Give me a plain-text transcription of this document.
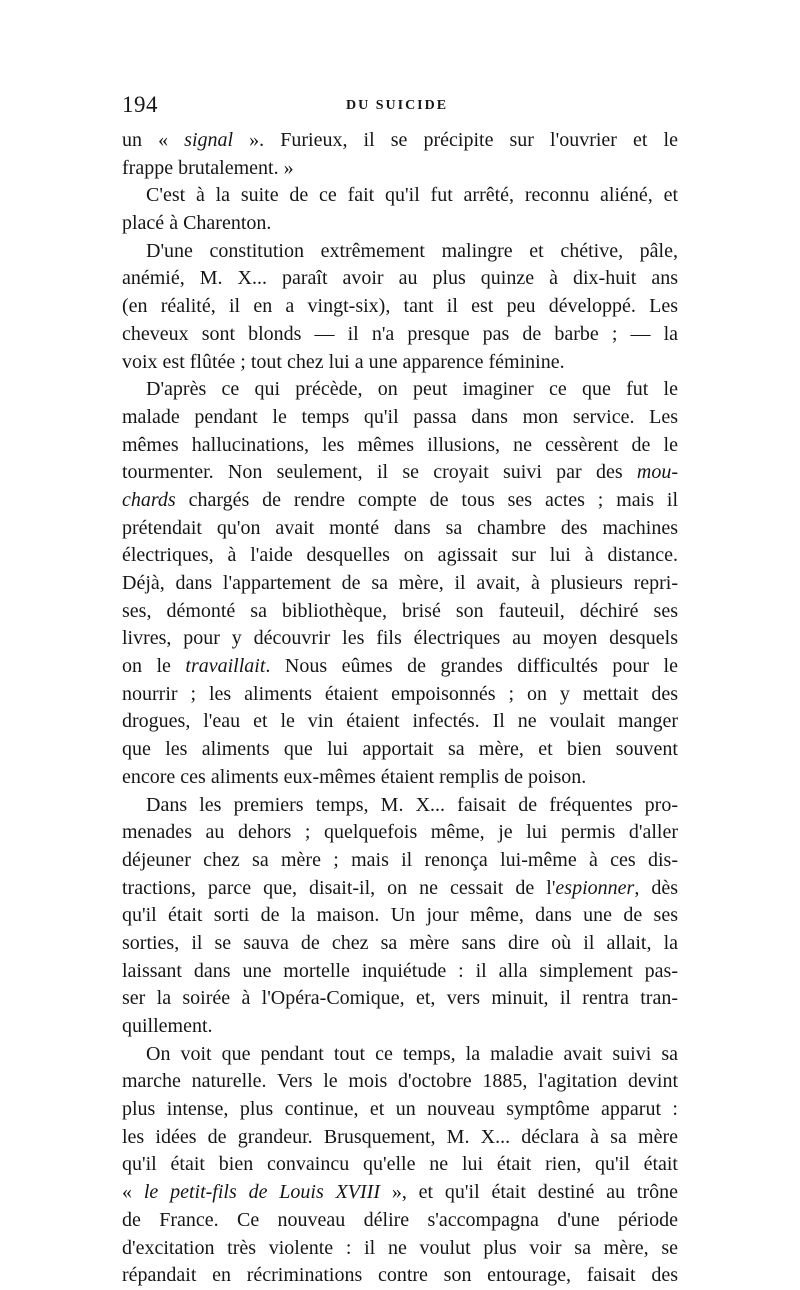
194	DU SUICIDE
un « signal ». Furieux, il se précipite sur l'ouvrier et le
frappe brutalement. »
C'est à la suite de ce fait qu'il fut arrêté, reconnu aliéné, et
placé à Charenton.
D'une constitution extrêmement malingre et chétive, pâle,
anémié, M. X... paraît avoir au plus quinze à dix-huit ans
(en réalité, il en a vingt-six), tant il est peu développé. Les
cheveux sont blonds — il n'a presque pas de barbe ; — la
voix est flûtée ; tout chez lui a une apparence féminine.
D'après ce qui précède, on peut imaginer ce que fut le
malade pendant le temps qu'il passa dans mon service. Les
mêmes hallucinations, les mêmes illusions, ne cessèrent de le
tourmenter. Non seulement, il se croyait suivi par des mou-
chards chargés de rendre compte de tous ses actes ; mais il
prétendait qu'on avait monté dans sa chambre des machines
électriques, à l'aide desquelles on agissait sur lui à distance.
Déjà, dans l'appartement de sa mère, il avait, à plusieurs repri-
ses, démonté sa bibliothèque, brisé son fauteuil, déchiré ses
livres, pour y découvrir les fils électriques au moyen desquels
on le travaillait. Nous eûmes de grandes difficultés pour le
nourrir ; les aliments étaient empoisonnés ; on y mettait des
drogues, l'eau et le vin étaient infectés. Il ne voulait manger
que les aliments que lui apportait sa mère, et bien souvent
encore ces aliments eux-mêmes étaient remplis de poison.
Dans les premiers temps, M. X... faisait de fréquentes pro-
menades au dehors ; quelquefois même, je lui permis d'aller
déjeuner chez sa mère ; mais il renonça lui-même à ces dis-
tractions, parce que, disait-il, on ne cessait de l'espionner, dès
qu'il était sorti de la maison. Un jour même, dans une de ses
sorties, il se sauva de chez sa mère sans dire où il allait, la
laissant dans une mortelle inquiétude : il alla simplement pas-
ser la soirée à l'Opéra-Comique, et, vers minuit, il rentra tran-
quillement.
On voit que pendant tout ce temps, la maladie avait suivi sa
marche naturelle. Vers le mois d'octobre 1885, l'agitation devint
plus intense, plus continue, et un nouveau symptôme apparut :
les idées de grandeur. Brusquement, M. X... déclara à sa mère
qu'il était bien convaincu qu'elle ne lui était rien, qu'il était
« le petit-fils de Louis XVIII », et qu'il était destiné au trône
de France. Ce nouveau délire s'accompagna d'une période
d'excitation très violente : il ne voulut plus voir sa mère, se
répandait en récriminations contre son entourage, faisait des
